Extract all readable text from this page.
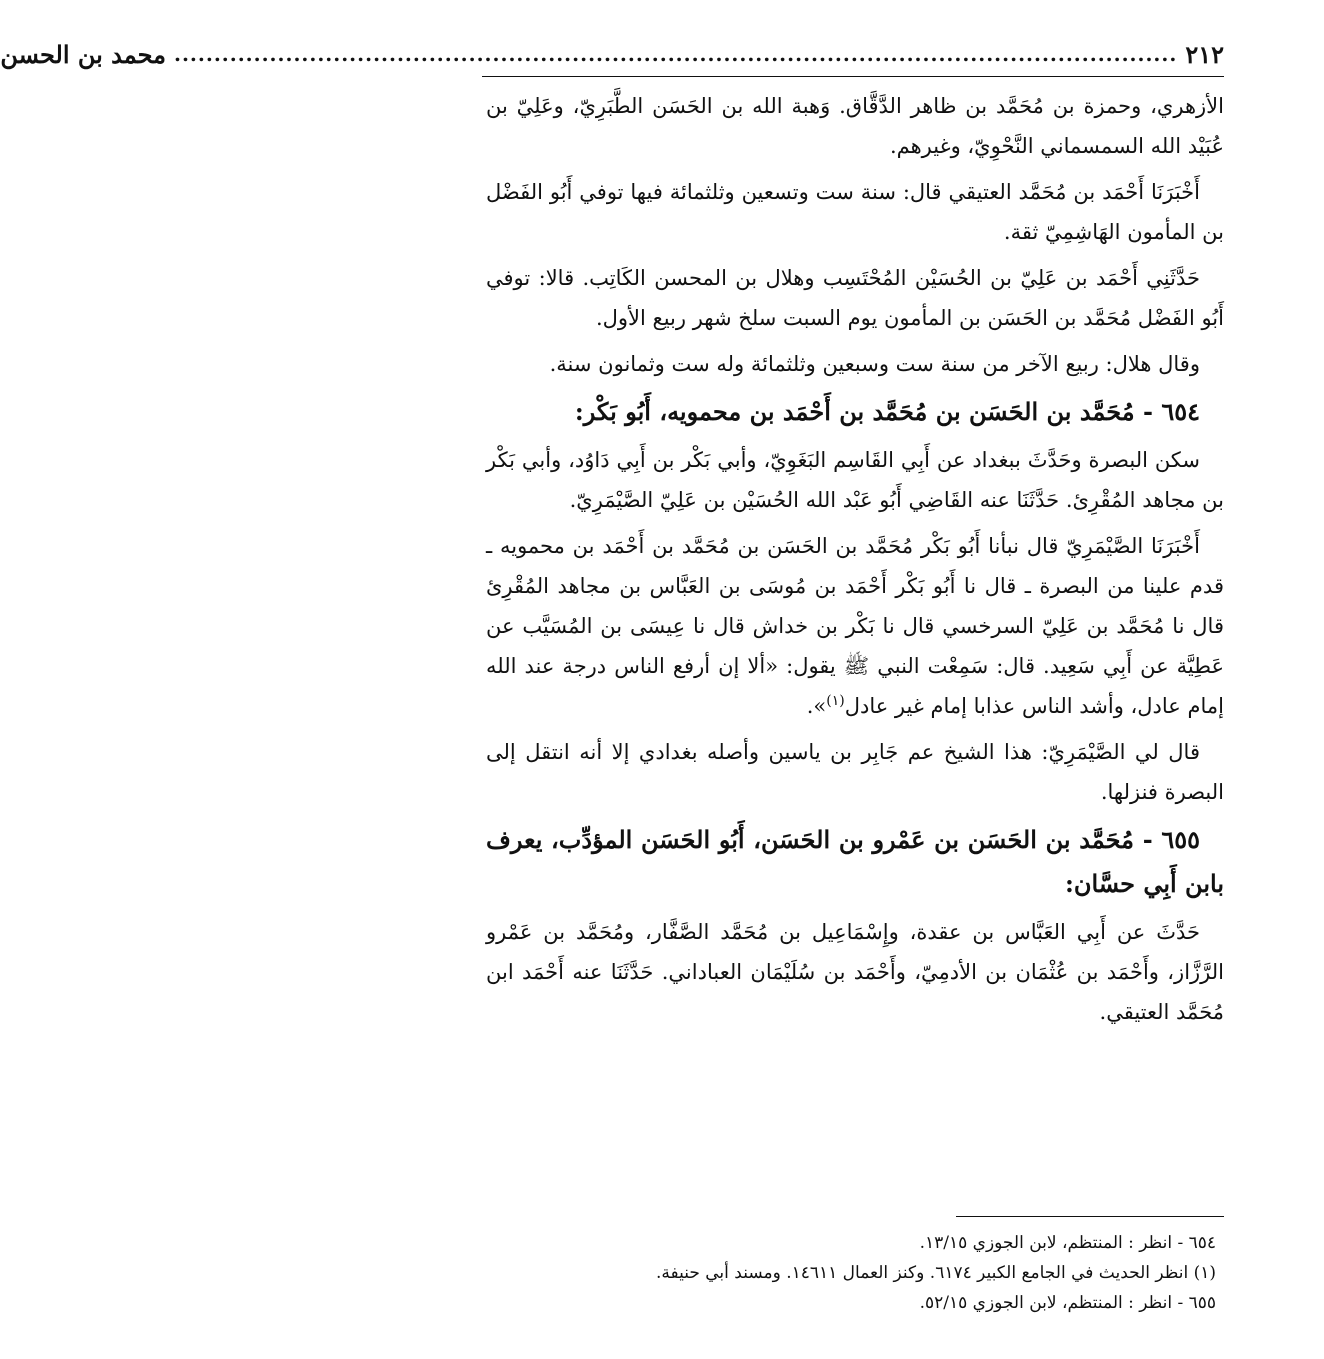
٢١٢
..............................................................................................................................
محمد بن الحسن

الأزهري، وحمزة بن مُحَمَّد بن ظاهر الدَّقَّاق. وَهبة الله بن الحَسَن الطَّبَرِيّ، وعَلِيّ بن عُبَيْد الله السمسماني النَّحْوِيّ، وغيرهم.

أَخْبَرَنَا أَحْمَد بن مُحَمَّد العتيقي قال: سنة ست وتسعين وثلثمائة فيها توفي أَبُو الفَضْل بن المأمون الهَاشِمِيّ ثقة.

حَدَّثَنِي أَحْمَد بن عَلِيّ بن الحُسَيْن المُحْتَسِب وهلال بن المحسن الكَاتِب. قالا: توفي أَبُو الفَضْل مُحَمَّد بن الحَسَن بن المأمون يوم السبت سلخ شهر ربيع الأول.

وقال هلال: ربيع الآخر من سنة ست وسبعين وثلثمائة وله ست وثمانون سنة.

٦٥٤ - مُحَمَّد بن الحَسَن بن مُحَمَّد بن أَحْمَد بن محمويه، أَبُو بَكْر:

سكن البصرة وحَدَّثَ ببغداد عن أَبِي القَاسِم البَغَوِيّ، وأبي بَكْر بن أَبِي دَاوُد، وأبي بَكْر بن مجاهد المُقْرِئ. حَدَّثَنَا عنه القَاضِي أَبُو عَبْد الله الحُسَيْن بن عَلِيّ الصَّيْمَرِيّ.

أَخْبَرَنَا الصَّيْمَرِيّ قال نبأنا أَبُو بَكْر مُحَمَّد بن الحَسَن بن مُحَمَّد بن أَحْمَد بن محمويه ـ قدم علينا من البصرة ـ قال نا أَبُو بَكْر أَحْمَد بن مُوسَى بن العَبَّاس بن مجاهد المُقْرِئ قال نا مُحَمَّد بن عَلِيّ السرخسي قال نا بَكْر بن خداش قال نا عِيسَى بن المُسَيَّب عن عَطِيَّة عن أَبِي سَعِيد. قال: سَمِعْت النبي ﷺ يقول: «ألا إن أرفع الناس درجة عند الله إمام عادل، وأشد الناس عذابا إمام غير عادل$^{(١)}$».

قال لي الصَّيْمَرِيّ: هذا الشيخ عم جَابِر بن ياسين وأصله بغدادي إلا أنه انتقل إلى البصرة فنزلها.

٦٥٥ - مُحَمَّد بن الحَسَن بن عَمْرو بن الحَسَن، أَبُو الحَسَن المؤدِّب، يعرف بابن أَبِي حسَّان:

حَدَّثَ عن أَبِي العَبَّاس بن عقدة، وإِسْمَاعِيل بن مُحَمَّد الصَّفَّار، ومُحَمَّد بن عَمْرو الرَّزَّاز، وأَحْمَد بن عُثْمَان بن الأدمِيّ، وأَحْمَد بن سُلَيْمَان العباداني. حَدَّثَنَا عنه أَحْمَد ابن مُحَمَّد العتيقي.

٦٥٤ - انظر : المنتظم، لابن الجوزي ١٣/١٥.

(١) انظر الحديث في الجامع الكبير ٦١٧٤. وكنز العمال ١٤٦١١. ومسند أبي حنيفة.

٦٥٥ - انظر : المنتظم، لابن الجوزي ٥٢/١٥.
